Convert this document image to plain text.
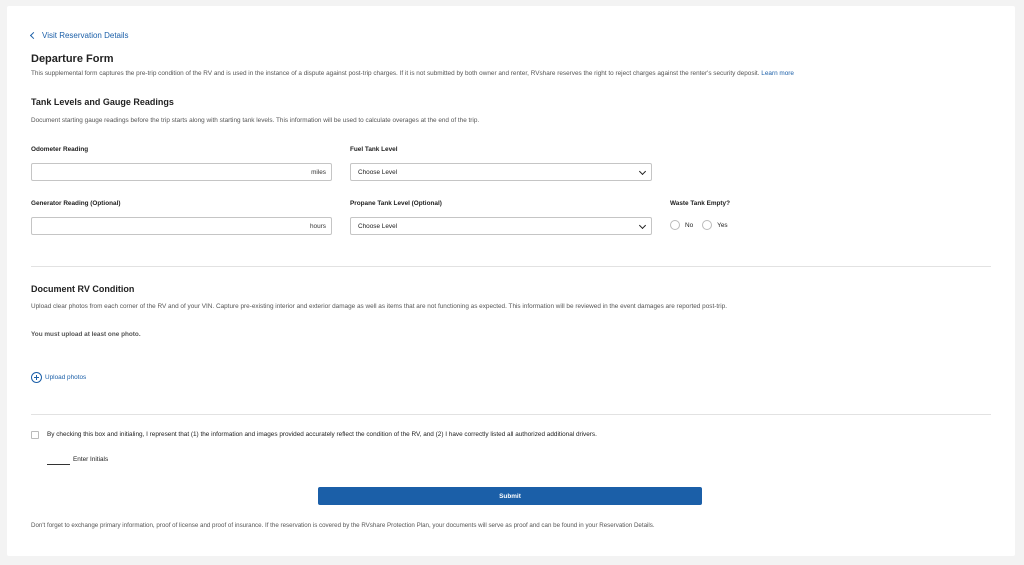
Visit Reservation Details
Departure Form
This supplemental form captures the pre-trip condition of the RV and is used in the instance of a dispute against post-trip charges. If it is not submitted by both owner and renter, RVshare reserves the right to reject charges against the renter's security deposit. Learn more
Tank Levels and Gauge Readings
Document starting gauge readings before the trip starts along with starting tank levels. This information will be used to calculate overages at the end of the trip.
Odometer Reading
miles
Fuel Tank Level
Choose Level
Generator Reading (Optional)
hours
Propane Tank Level (Optional)
Choose Level
Waste Tank Empty?
No	Yes
Document RV Condition
Upload clear photos from each corner of the RV and of your VIN. Capture pre-existing interior and exterior damage as well as items that are not functioning as expected. This information will be reviewed in the event damages are reported post-trip.
You must upload at least one photo.
Upload photos
By checking this box and initialing, I represent that (1) the information and images provided accurately reflect the condition of the RV, and (2) I have correctly listed all authorized additional drivers.
Enter Initials
Submit
Don't forget to exchange primary information, proof of license and proof of insurance. If the reservation is covered by the RVshare Protection Plan, your documents will serve as proof and can be found in your Reservation Details.
